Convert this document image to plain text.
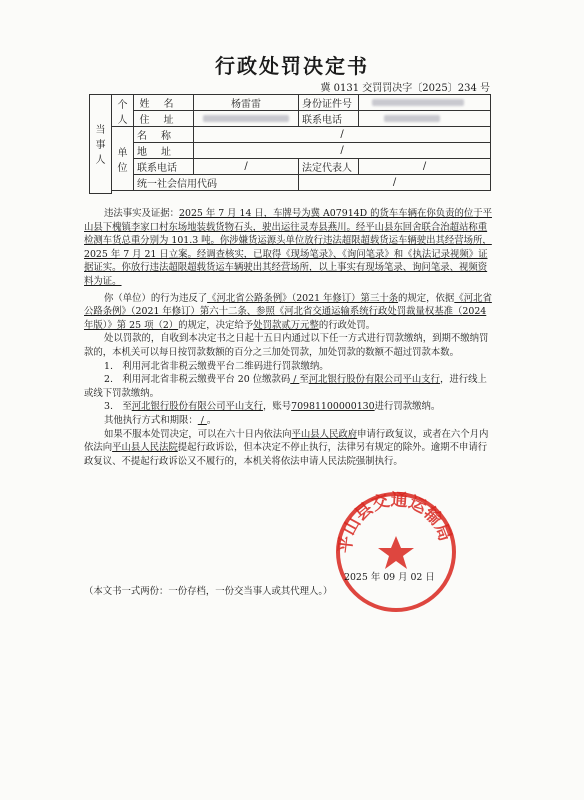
行政处罚决定书
冀 0131 交罚罚决字〔2025〕234 号
当事人	个人	姓名	杨雷雷	身份证件号	
		住址		联系电话	
	单位	名称	/		
		地址	/		
		联系电话	/	法定代表人	/
		统一社会信用代码		/	

违法事实及证据：2025 年 7 月 14 日，车牌号为冀 A07914D 的货车车辆在你负责的位于平山县下槐镇李家口村东场地装载货物石头，驶出运往灵寿县燕川。经平山县东回舍联合治超站称重检测车货总重分别为 101.3 吨。你涉嫌货运源头单位放行违法超限超载货运车辆驶出其经营场所，2025 年 7 月 21 日立案。经调查核实，已取得《现场笔录》、《询问笔录》和《执法记录视频》证据证实。你放行违法超限超载货运车辆驶出其经营场所，以上事实有现场笔录、询问笔录、视频资料为证。

你（单位）的行为违反了《河北省公路条例》（2021 年修订）第三十条的规定，依据《河北省公路条例》（2021 年修订）第六十二条、参照《河北省交通运输系统行政处罚裁量权基准（2024 年版）》第 25 项（2）的规定，决定给予处罚款贰万元整的行政处罚。

处以罚款的，自收到本决定书之日起十五日内通过以下任一方式进行罚款缴纳，到期不缴纳罚款的，本机关可以每日按罚款数额的百分之三加处罚款，加处罚款的数额不超过罚款本数。

1.　利用河北省非税云缴费平台二维码进行罚款缴纳。

2.　利用河北省非税云缴费平台 20 位缴款码 / 至河北银行股份有限公司平山支行，进行线上或线下罚款缴纳。

3.　至河北银行股份有限公司平山支行，账号70981100000130进行罚款缴纳。

其他执行方式和期限： / 。

如果不服本处罚决定，可以在六十日内依法向平山县人民政府申请行政复议，或者在六个月内依法向平山县人民法院提起行政诉讼，但本决定不停止执行，法律另有规定的除外。逾期不申请行政复议、不提起行政诉讼又不履行的，本机关将依法申请人民法院强制执行。

平山县交通运输局
2025 年 09 月 02 日
（本文书一式两份：一份存档，一份交当事人或其代理人。）
